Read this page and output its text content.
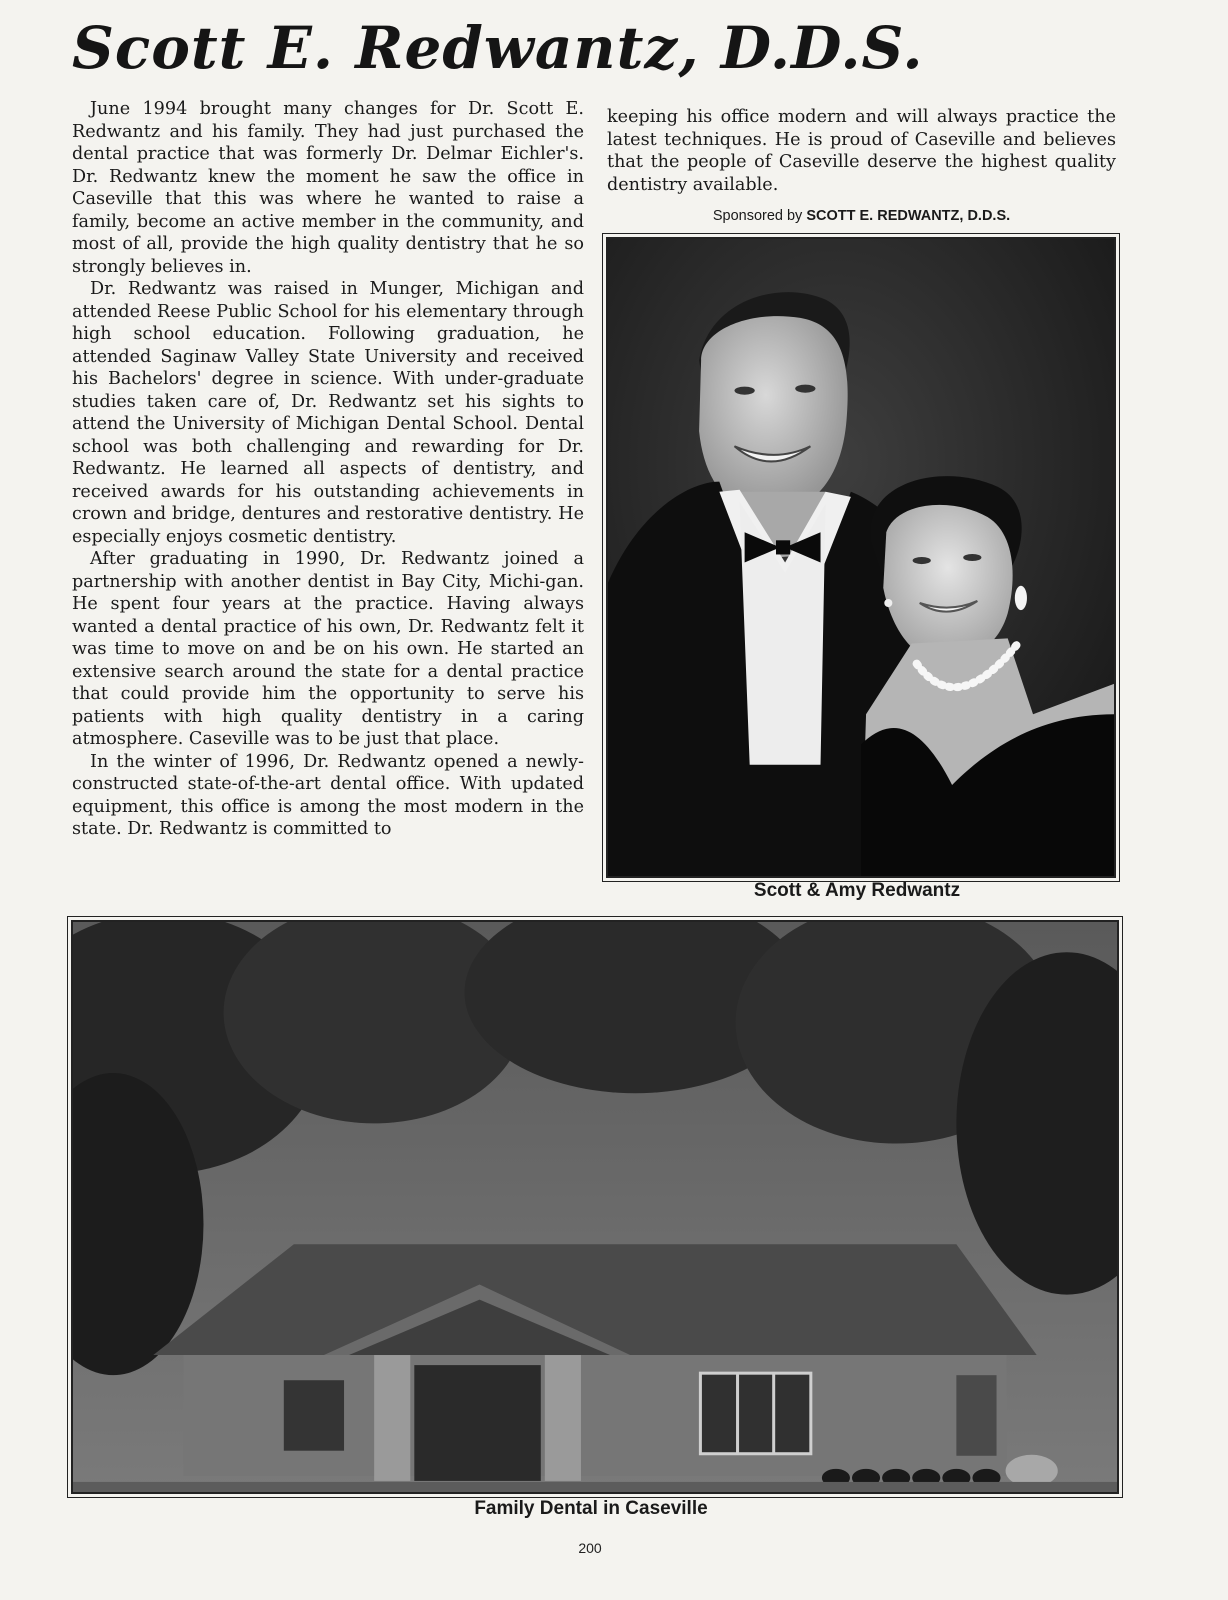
Scott E. Redwantz, D.D.S.

June 1994 brought many changes for Dr. Scott E. Redwantz and his family. They had just purchased the dental practice that was formerly Dr. Delmar Eichler's. Dr. Redwantz knew the moment he saw the office in Caseville that this was where he wanted to raise a family, become an active member in the community, and most of all, provide the high quality dentistry that he so strongly believes in.

Dr. Redwantz was raised in Munger, Michigan and attended Reese Public School for his elementary through high school education. Following graduation, he attended Saginaw Valley State University and received his Bachelors' degree in science. With under-graduate studies taken care of, Dr. Redwantz set his sights to attend the University of Michigan Dental School. Dental school was both challenging and rewarding for Dr. Redwantz. He learned all aspects of dentistry, and received awards for his outstanding achievements in crown and bridge, dentures and restorative dentistry. He especially enjoys cosmetic dentistry.

After graduating in 1990, Dr. Redwantz joined a partnership with another dentist in Bay City, Michi-gan. He spent four years at the practice. Having always wanted a dental practice of his own, Dr. Redwantz felt it was time to move on and be on his own. He started an extensive search around the state for a dental practice that could provide him the opportunity to serve his patients with high quality dentistry in a caring atmosphere. Caseville was to be just that place.

In the winter of 1996, Dr. Redwantz opened a newly-constructed state-of-the-art dental office. With updated equipment, this office is among the most modern in the state. Dr. Redwantz is committed to

keeping his office modern and will always practice the latest techniques. He is proud of Caseville and believes that the people of Caseville deserve the highest quality dentistry available.

Sponsored by SCOTT E. REDWANTZ, D.D.S.
Scott & Amy Redwantz
Family Dental in Caseville
200
